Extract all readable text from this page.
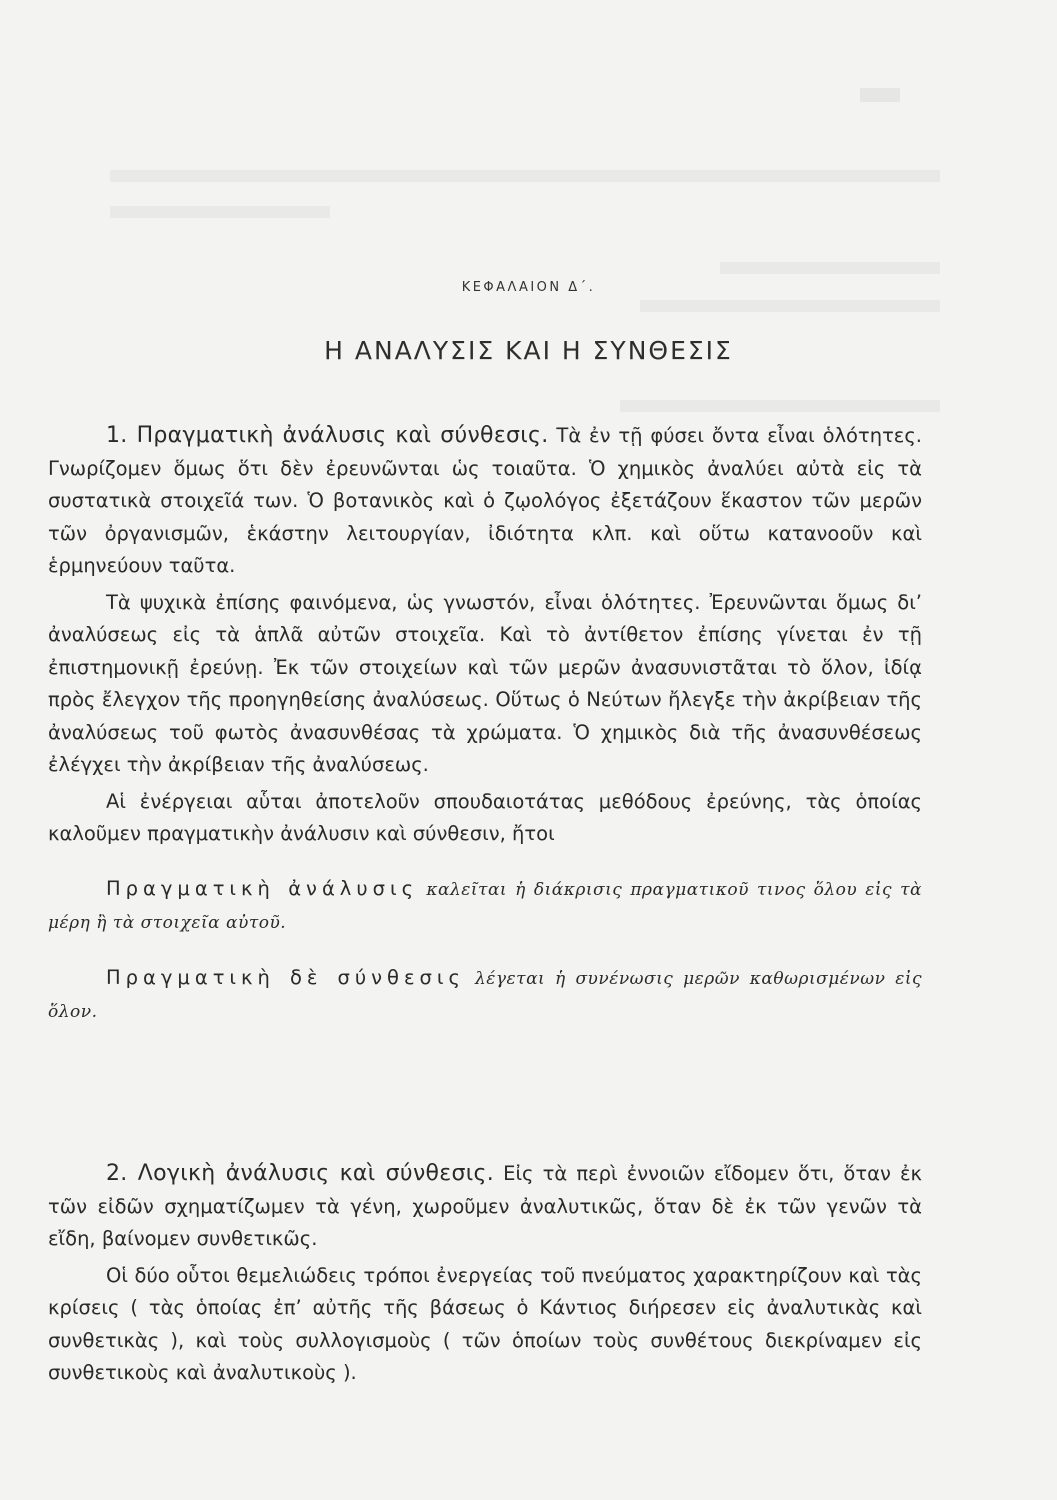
ΚΕΦΑΛΑΙΟΝ Δ΄.
Η ΑΝΑΛΥΣΙΣ ΚΑΙ Η ΣΥΝΘΕΣΙΣ

1. Πραγματικὴ ἀνάλυσις καὶ σύνθεσις. Τὰ ἐν τῇ φύσει ὄντα εἶναι ὁλότητες. Γνωρίζομεν ὅμως ὅτι δὲν ἐρευνῶνται ὡς τοιαῦτα. Ὁ χημικὸς ἀναλύει αὐτὰ εἰς τὰ συστατικὰ στοιχεῖά των. Ὁ βοτανικὸς καὶ ὁ ζῳολόγος ἐξετάζουν ἕκαστον τῶν μερῶν τῶν ὀργανισμῶν, ἑκάστην λειτουργίαν, ἰδιότητα κλπ. καὶ οὕτω κατανοοῦν καὶ ἑρμηνεύουν ταῦτα.

Τὰ ψυχικὰ ἐπίσης φαινόμενα, ὡς γνωστόν, εἶναι ὁλότητες. Ἐρευνῶνται ὅμως δι’ ἀναλύσεως εἰς τὰ ἁπλᾶ αὐτῶν στοιχεῖα. Καὶ τὸ ἀντίθετον ἐπίσης γίνεται ἐν τῇ ἐπιστημονικῇ ἐρεύνῃ. Ἐκ τῶν στοιχείων καὶ τῶν μερῶν ἀνασυνιστᾶται τὸ ὅλον, ἰδίᾳ πρὸς ἔλεγχον τῆς προηγηθείσης ἀναλύσεως. Οὕτως ὁ Νεύτων ἤλεγξε τὴν ἀκρίβειαν τῆς ἀναλύσεως τοῦ φωτὸς ἀνασυνθέσας τὰ χρώματα. Ὁ χημικὸς διὰ τῆς ἀνασυνθέσεως ἐλέγχει τὴν ἀκρίβειαν τῆς ἀναλύσεως.

Αἱ ἐνέργειαι αὗται ἀποτελοῦν σπουδαιοτάτας μεθόδους ἐρεύνης, τὰς ὁποίας καλοῦμεν πραγματικὴν ἀνάλυσιν καὶ σύνθεσιν, ἤτοι

Πραγματικὴ ἀνάλυσις καλεῖται ἡ διάκρισις πραγματικοῦ τινος ὅλου εἰς τὰ μέρη ἢ τὰ στοιχεῖα αὐτοῦ.

Πραγματικὴ δὲ σύνθεσις λέγεται ἡ συνένωσις μερῶν καθωρισμένων εἰς ὅλον.

2. Λογικὴ ἀνάλυσις καὶ σύνθεσις. Εἰς τὰ περὶ ἐννοιῶν εἴδομεν ὅτι, ὅταν ἐκ τῶν εἰδῶν σχηματίζωμεν τὰ γένη, χωροῦμεν ἀναλυτικῶς, ὅταν δὲ ἐκ τῶν γενῶν τὰ εἴδη, βαίνομεν συνθετικῶς.

Οἱ δύο οὗτοι θεμελιώδεις τρόποι ἐνεργείας τοῦ πνεύματος χαρακτηρίζουν καὶ τὰς κρίσεις ( τὰς ὁποίας ἐπ’ αὐτῆς τῆς βάσεως ὁ Κάντιος διήρεσεν εἰς ἀναλυτικὰς καὶ συνθετικὰς ), καὶ τοὺς συλλογισμοὺς ( τῶν ὁποίων τοὺς συνθέτους διεκρίναμεν εἰς συνθετικοὺς καὶ ἀναλυτικοὺς ).
